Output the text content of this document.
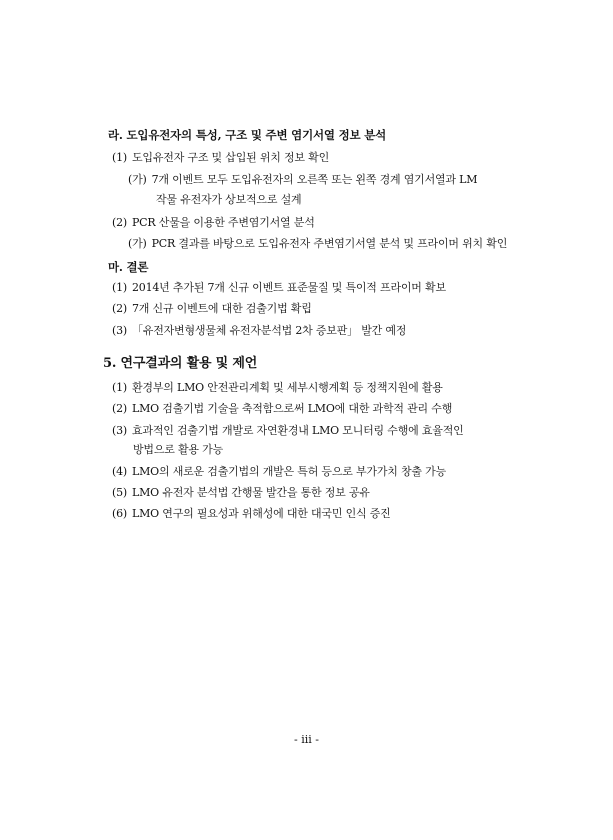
라. 도입유전자의 특성, 구조 및 주변 염기서열 정보 분석
(1) 도입유전자 구조 및 삽입된 위치 정보 확인
(가) 7개 이벤트 모두 도입유전자의 오른쪽 또는 왼쪽 경계 염기서열과 LM
작물 유전자가 상보적으로 설계
(2) PCR 산물을 이용한 주변염기서열 분석
(가) PCR 결과를 바탕으로 도입유전자 주변염기서열 분석 및 프라이머 위치 확인
마. 결론
(1) 2014년 추가된 7개 신규 이벤트 표준물질 및 특이적 프라이머 확보
(2) 7개 신규 이벤트에 대한 검출기법 확립
(3) 「유전자변형생물체 유전자분석법 2차 증보판」 발간 예정
5. 연구결과의 활용 및 제언
(1) 환경부의 LMO 안전관리계획 및 세부시행계획 등 정책지원에 활용
(2) LMO 검출기법 기술을 축적함으로써 LMO에 대한 과학적 관리 수행
(3) 효과적인 검출기법 개발로 자연환경내 LMO 모니터링 수행에 효율적인
방법으로 활용 가능
(4) LMO의 새로운 검출기법의 개발은 특허 등으로 부가가치 창출 가능
(5) LMO 유전자 분석법 간행물 발간을 통한 정보 공유
(6) LMO 연구의 필요성과 위해성에 대한 대국민 인식 증진
- iii -
